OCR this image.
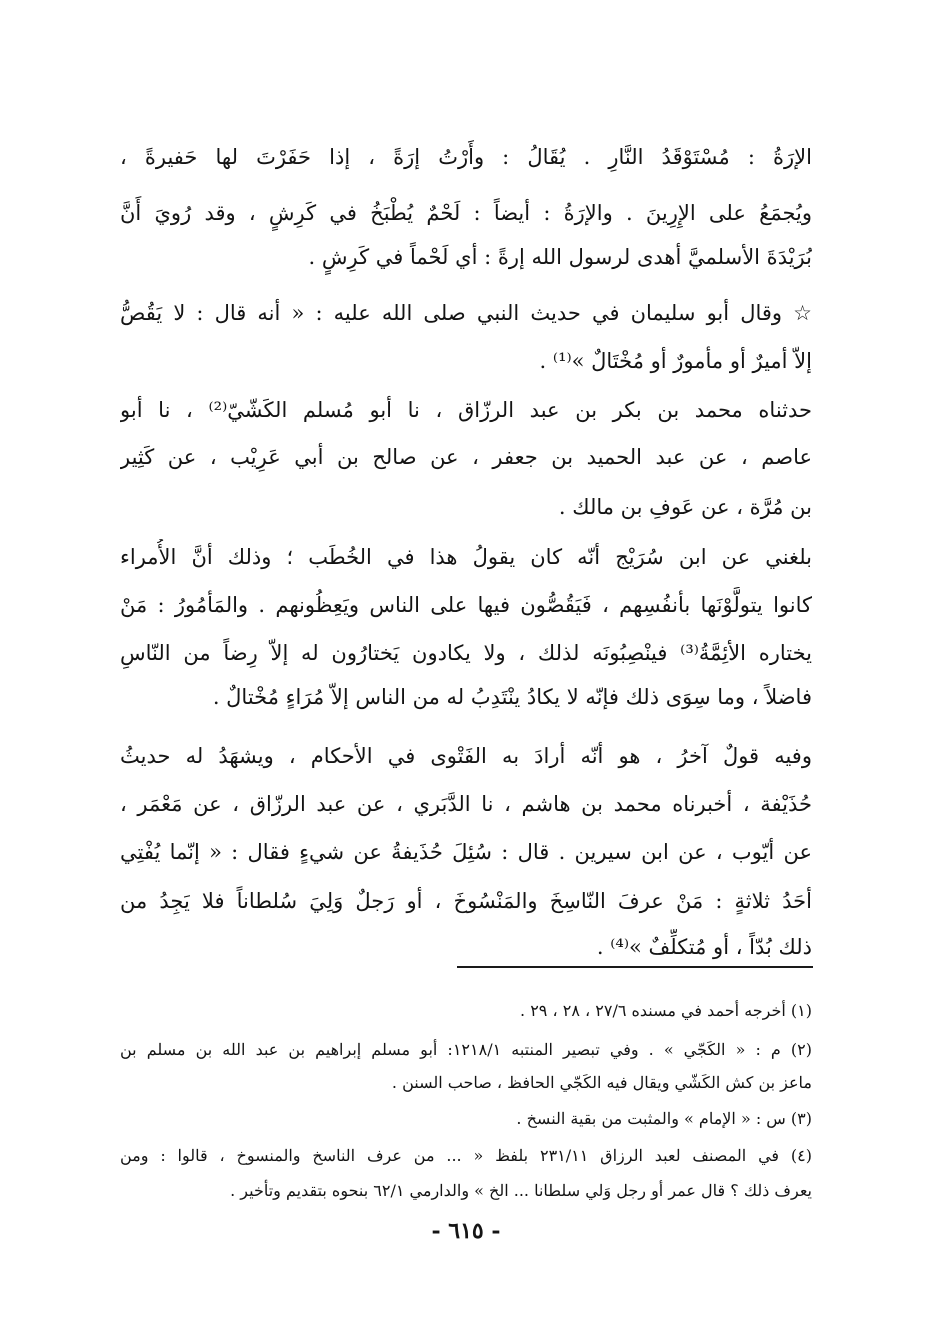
الإرَةُ : مُسْتَوْقَدُ النَّارِ . يُقَالُ : وأَرْتُ إرَةً ، إذا حَفَرْتَ لها حَفيرةً ،
ويُجمَعُ على الإِرِينَ . والإرَةُ : أيضاً : لَحْمٌ يُطْبَخُ في كَرِشٍ ، وقد رُويَ أَنَّ
بُرَيْدَةَ الأسلميَّ أهدى لرسول الله إرةً : أي لَحْماً في كَرِشٍ .
☆ وقال أبو سليمان في حديث النبي صلى الله عليه : « أنه قال : لا يَقُصُّ
إلاّ أميرٌ أو مأمورٌ أو مُخْتَالٌ »⁽¹⁾ .
حدثناه محمد بن بكر بن عبد الرزّاق ، نا أبو مُسلم الكَشّيّ⁽²⁾ ، نا أبو
عاصم ، عن عبد الحميد بن جعفر ، عن صالح بن أبي عَرِيْب ، عن كَثِير
بن مُرَّة ، عن عَوفِ بن مالك .
بلغني عن ابن سُرَيْج أنّه كان يقولُ هذا في الخُطَب ؛ وذلك أنَّ الأُمراء
كانوا يتولَّوْنَها بأنفُسِهم ، فَيَقُصُّون فيها على الناس ويَعِظُونهم . والمَأمُورُ : مَنْ
يختاره الأئِمَّةُ⁽³⁾ فينْصِبُونَه لذلك ، ولا يكادون يَختارُون له إلاّ رِضاً من النّاسِ
فاضلاً ، وما سِوَى ذلك فإنّه لا يكادُ ينْتَدِبُ له من الناس إلاّ مُرَاءٍ مُخْتالٌ .
وفيه قولٌ آخرُ ، هو أنّه أرادَ به الفَتْوى في الأحكام ، ويشهَدُ له حديثُ
حُذَيْفة ، أخبرناه محمد بن هاشم ، نا الدَّبَري ، عن عبد الرزّاق ، عن مَعْمَر ،
عن أيّوب ، عن ابن سيرين . قال : سُئِلَ حُذَيفةُ عن شيءٍ فقال : « إنّما يُفْتِي
أحَدُ ثلاثةٍ : مَنْ عرفَ النّاسِخَ والمَنْسُوخَ ، أو رَجلٌ وَلِيَ سُلطاناً فلا يَجِدُ من
ذلك بُدّاً ، أو مُتكلِّفٌ »⁽⁴⁾ .
(١) أخرجه أحمد في مسنده ٢٧/٦ ، ٢٨ ، ٢٩ .
(٢) م : « الكَجّي » . وفي تبصير المنتبه ١٢١٨/١: أبو مسلم إبراهيم بن عبد الله بن مسلم بن
ماعز بن كش الكَشّي ويقال فيه الكَجّي الحافظ ، صاحب السنن .
(٣) س : « الإمام » والمثبت من بقية النسخ .
(٤) في المصنف لعبد الرزاق ٢٣١/١١ بلفظ « ... من عرف الناسخ والمنسوخ ، قالوا : ومن
يعرف ذلك ؟ قال عمر أو رجل وَلي سلطانا ... الخ » والدارمي ٦٢/١ بنحوه بتقديم وتأخير .
- ٦١٥ -
